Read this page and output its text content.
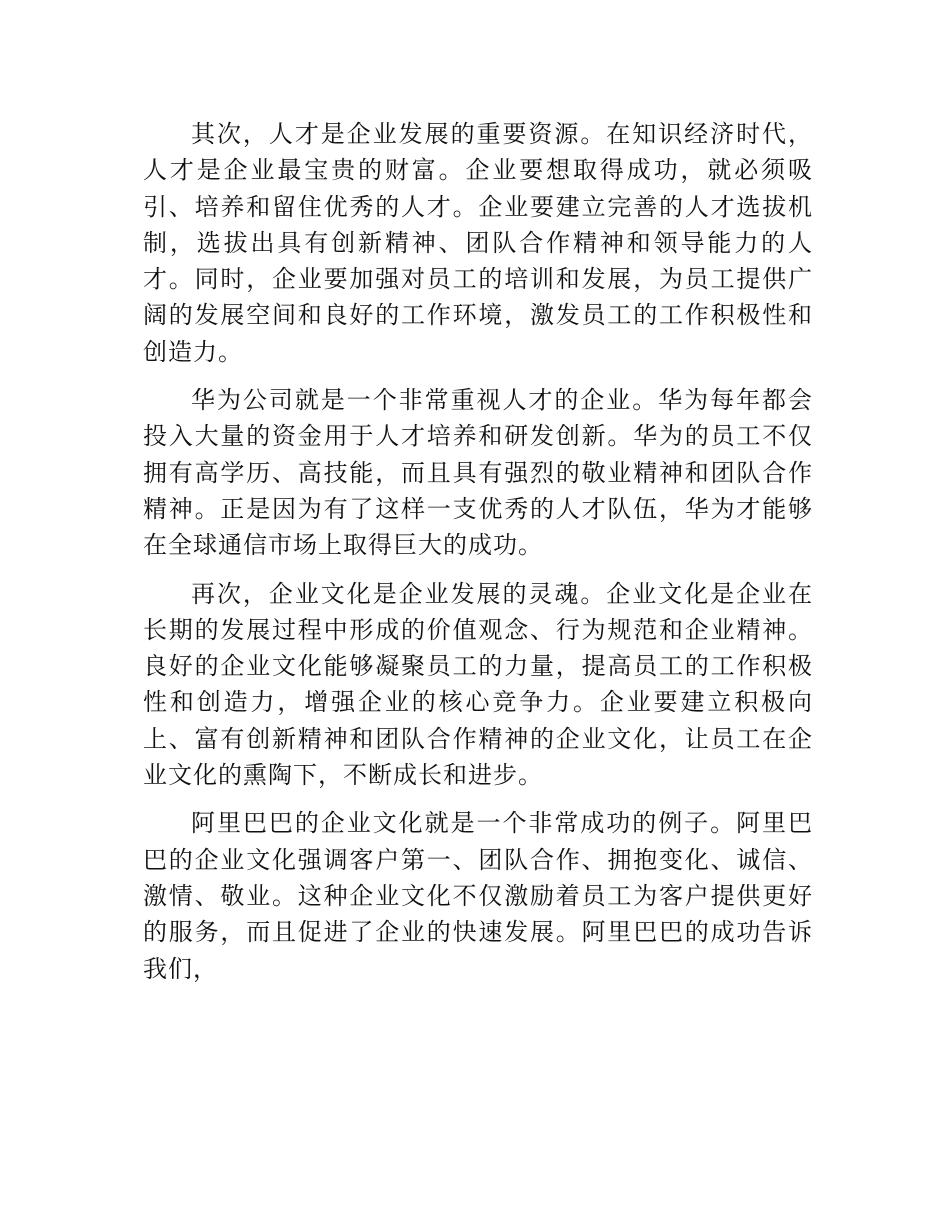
其次，人才是企业发展的重要资源。在知识经济时代，人才是企业最宝贵的财富。企业要想取得成功，就必须吸引、培养和留住优秀的人才。企业要建立完善的人才选拔机制，选拔出具有创新精神、团队合作精神和领导能力的人才。同时，企业要加强对员工的培训和发展，为员工提供广阔的发展空间和良好的工作环境，激发员工的工作积极性和创造力。

华为公司就是一个非常重视人才的企业。华为每年都会投入大量的资金用于人才培养和研发创新。华为的员工不仅拥有高学历、高技能，而且具有强烈的敬业精神和团队合作精神。正是因为有了这样一支优秀的人才队伍，华为才能够在全球通信市场上取得巨大的成功。

再次，企业文化是企业发展的灵魂。企业文化是企业在长期的发展过程中形成的价值观念、行为规范和企业精神。良好的企业文化能够凝聚员工的力量，提高员工的工作积极性和创造力，增强企业的核心竞争力。企业要建立积极向上、富有创新精神和团队合作精神的企业文化，让员工在企业文化的熏陶下，不断成长和进步。

阿里巴巴的企业文化就是一个非常成功的例子。阿里巴巴的企业文化强调客户第一、团队合作、拥抱变化、诚信、激情、敬业。这种企业文化不仅激励着员工为客户提供更好的服务，而且促进了企业的快速发展。阿里巴巴的成功告诉我们，
